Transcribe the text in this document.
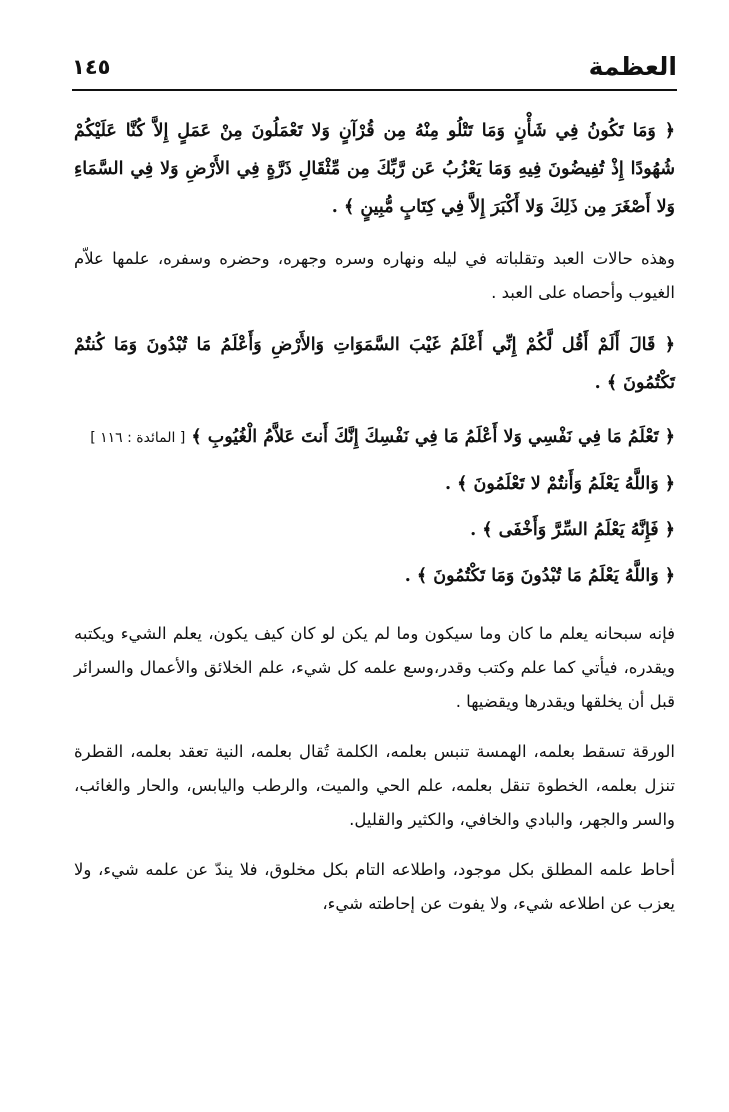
العظمة
١٤٥

﴿ وَمَا تَكُونُ فِي شَأْنٍ وَمَا تَتْلُو مِنْهُ مِن قُرْآنٍ وَلا تَعْمَلُونَ مِنْ عَمَلٍ إِلاَّ كُنَّا عَلَيْكُمْ شُهُودًا إِذْ تُفِيضُونَ فِيهِ وَمَا يَعْزُبُ عَن رَّبِّكَ مِن مِّثْقَالِ ذَرَّةٍ فِي الأَرْضِ وَلا فِي السَّمَاءِ وَلا أَصْغَرَ مِن ذَلِكَ وَلا أَكْبَرَ إِلاَّ فِي كِتَابٍ مُّبِينٍ ﴾ .

وهذه حالات العبد وتقلباته في ليله ونهاره وسره وجهره، وحضره وسفره، علمها علاّم الغيوب وأحصاه على العبد .

﴿ قَالَ أَلَمْ أَقُل لَّكُمْ إِنِّي أَعْلَمُ غَيْبَ السَّمَوَاتِ وَالأَرْضِ وَأَعْلَمُ مَا تُبْدُونَ وَمَا كُنتُمْ تَكْتُمُونَ ﴾ .

﴿ تَعْلَمُ مَا فِي نَفْسِي وَلا أَعْلَمُ مَا فِي نَفْسِكَ إِنَّكَ أَنتَ عَلاَّمُ الْغُيُوبِ ﴾ [ المائدة : ١١٦ ]
﴿ وَاللَّهُ يَعْلَمُ وَأَنتُمْ لا تَعْلَمُونَ ﴾ .
﴿ فَإِنَّهُ يَعْلَمُ السِّرَّ وَأَخْفَى ﴾ .
﴿ وَاللَّهُ يَعْلَمُ مَا تُبْدُونَ وَمَا تَكْتُمُونَ ﴾ .

فإنه سبحانه يعلم ما كان وما سيكون وما لم يكن لو كان كيف يكون، يعلم الشيء ويكتبه ويقدره، فيأتي كما علم وكتب وقدر،وسع علمه كل شيء، علم الخلائق والأعمال والسرائر قبل أن يخلقها ويقدرها ويقضيها .

الورقة تسقط بعلمه، الهمسة تنبس بعلمه، الكلمة تُقال بعلمه، النية تعقد بعلمه، القطرة تنزل بعلمه، الخطوة تنقل بعلمه، علم الحي والميت، والرطب واليابس، والحار والغائب، والسر والجهر، والبادي والخافي، والكثير والقليل.

أحاط علمه المطلق بكل موجود، واطلاعه التام بكل مخلوق، فلا يندّ عن علمه شيء، ولا يعزب عن اطلاعه شيء، ولا يفوت عن إحاطته شيء،
